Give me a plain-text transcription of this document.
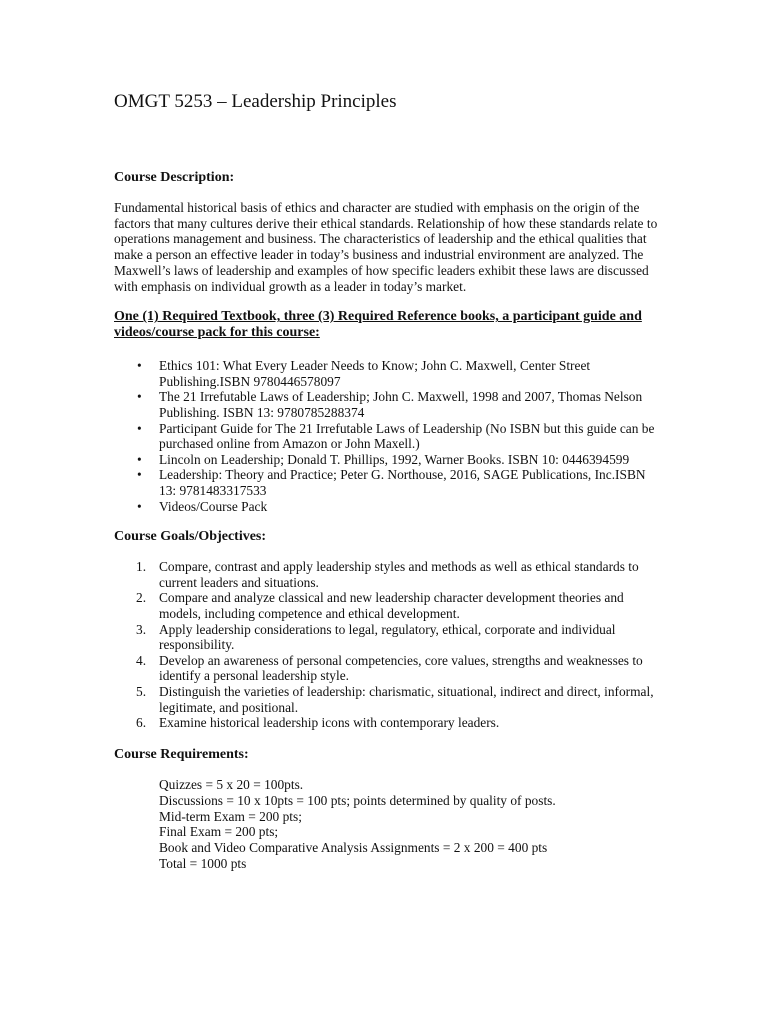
OMGT 5253 – Leadership Principles
Course Description:

Fundamental historical basis of ethics and character are studied with emphasis on the origin of the factors that many cultures derive their ethical standards. Relationship of how these standards relate to operations management and business. The characteristics of leadership and the ethical qualities that make a person an effective leader in today’s business and industrial environment are analyzed. The Maxwell’s laws of leadership and examples of how specific leaders exhibit these laws are discussed with emphasis on individual growth as a leader in today’s market.

One (1) Required Textbook, three (3) Required Reference books, a participant guide and videos/course pack for this course:
• Ethics 101: What Every Leader Needs to Know; John C. Maxwell, Center Street Publishing.ISBN 9780446578097
• The 21 Irrefutable Laws of Leadership; John C. Maxwell, 1998 and 2007, Thomas Nelson Publishing. ISBN 13: 9780785288374
• Participant Guide for The 21 Irrefutable Laws of Leadership (No ISBN but this guide can be purchased online from Amazon or John Maxell.)
• Lincoln on Leadership; Donald T. Phillips, 1992, Warner Books. ISBN 10: 0446394599
• Leadership: Theory and Practice; Peter G. Northouse, 2016, SAGE Publications, Inc.ISBN 13: 9781483317533
• Videos/Course Pack
Course Goals/Objectives:
1. Compare, contrast and apply leadership styles and methods as well as ethical standards to current leaders and situations.
2. Compare and analyze classical and new leadership character development theories and models, including competence and ethical development.
3. Apply leadership considerations to legal, regulatory, ethical, corporate and individual responsibility.
4. Develop an awareness of personal competencies, core values, strengths and weaknesses to identify a personal leadership style.
5. Distinguish the varieties of leadership: charismatic, situational, indirect and direct, informal, legitimate, and positional.
6. Examine historical leadership icons with contemporary leaders.
Course Requirements:
Quizzes = 5 x 20 = 100pts.
Discussions = 10 x 10pts = 100 pts; points determined by quality of posts.
Mid-term Exam = 200 pts;
Final Exam = 200 pts;
Book and Video Comparative Analysis Assignments = 2 x 200 = 400 pts
Total = 1000 pts
